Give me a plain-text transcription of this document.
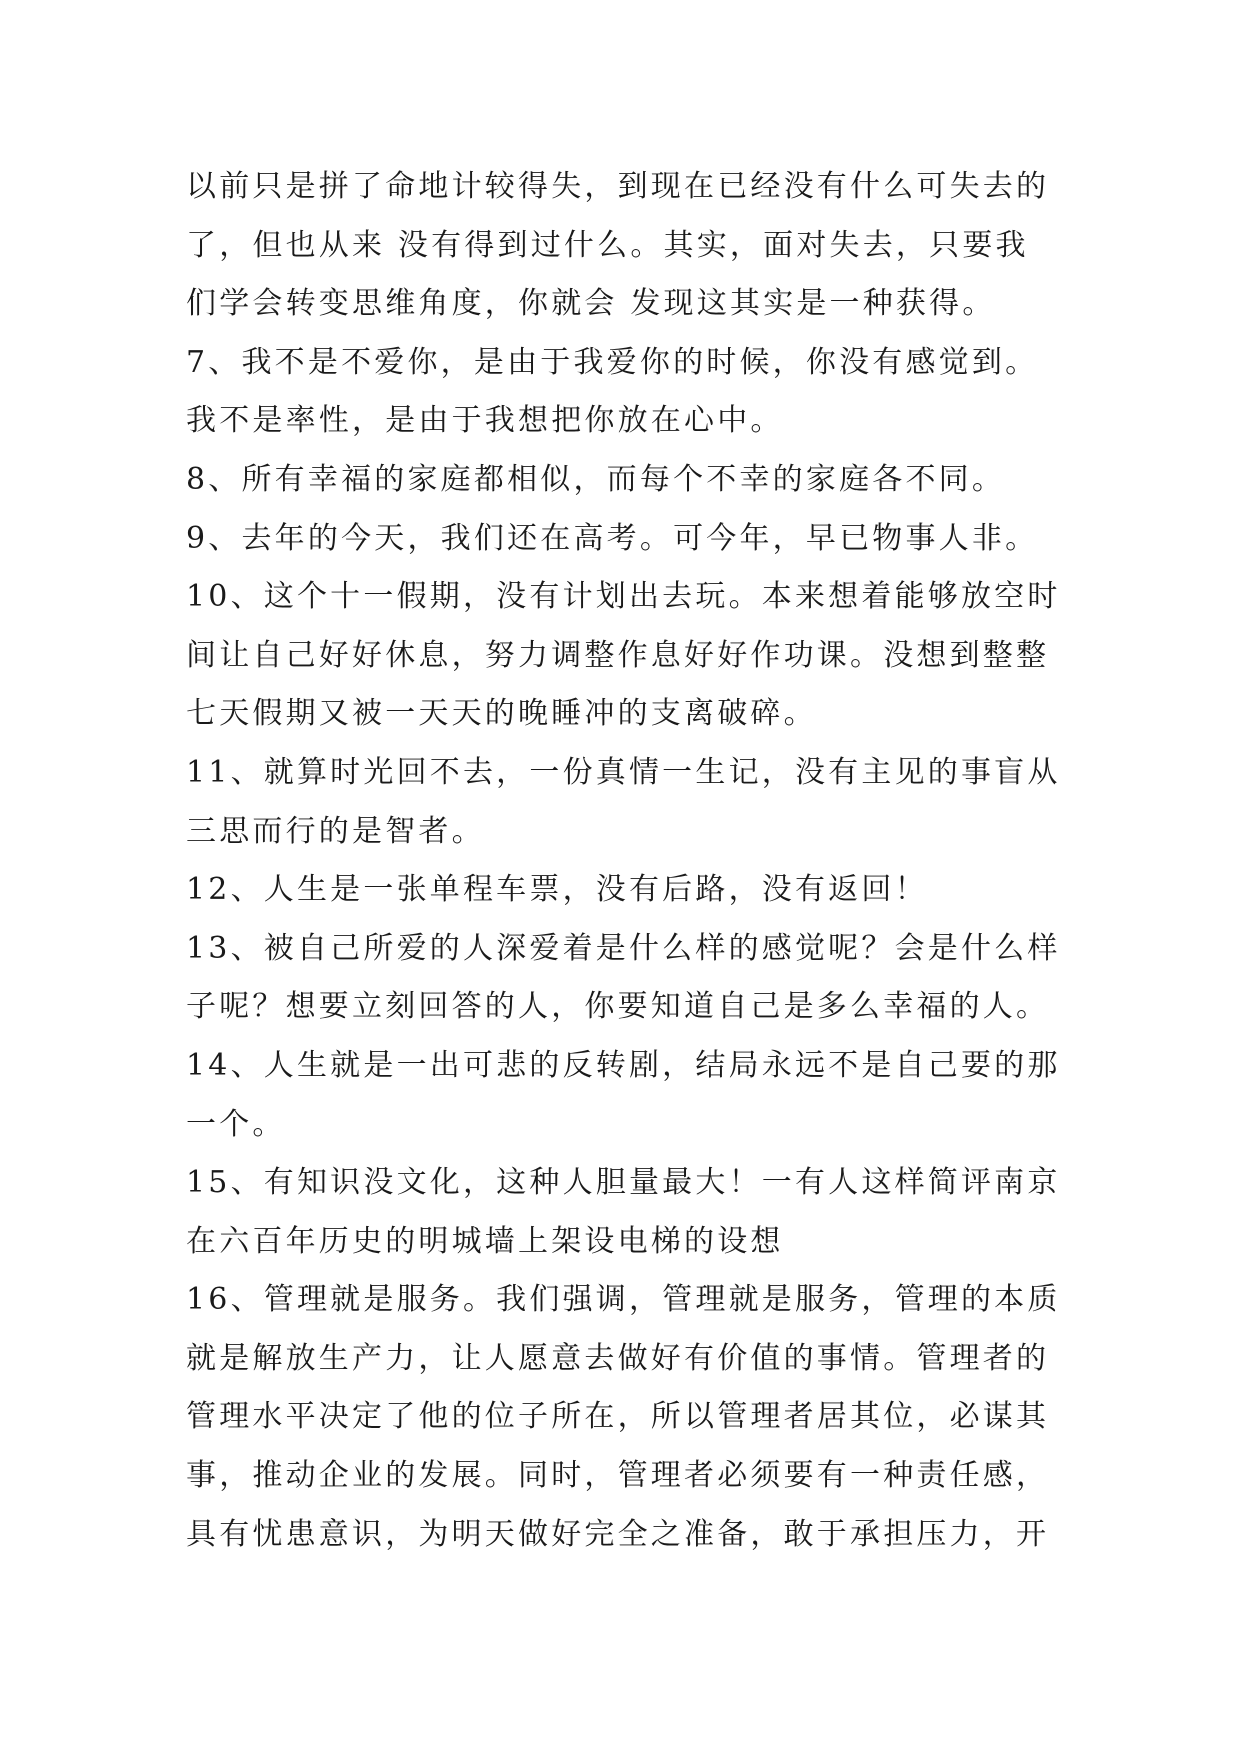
以前只是拼了命地计较得失，到现在已经没有什么可失去的
了，但也从来 没有得到过什么。其实，面对失去，只要我
们学会转变思维角度，你就会 发现这其实是一种获得。
7、我不是不爱你，是由于我爱你的时候，你没有感觉到。
我不是率性，是由于我想把你放在心中。
8、所有幸福的家庭都相似，而每个不幸的家庭各不同。
9、去年的今天，我们还在高考。可今年，早已物事人非。
10、这个十一假期，没有计划出去玩。本来想着能够放空时
间让自己好好休息，努力调整作息好好作功课。没想到整整
七天假期又被一天天的晚睡冲的支离破碎。
11、就算时光回不去，一份真情一生记，没有主见的事盲从
三思而行的是智者。
12、人生是一张单程车票，没有后路，没有返回！
13、被自己所爱的人深爱着是什么样的感觉呢？会是什么样
子呢？想要立刻回答的人，你要知道自己是多么幸福的人。
14、人生就是一出可悲的反转剧，结局永远不是自己要的那
一个。
15、有知识没文化，这种人胆量最大！一有人这样简评南京
在六百年历史的明城墙上架设电梯的设想
16、管理就是服务。我们强调，管理就是服务，管理的本质
就是解放生产力，让人愿意去做好有价值的事情。管理者的
管理水平决定了他的位子所在，所以管理者居其位，必谋其
事，推动企业的发展。同时，管理者必须要有一种责任感，
具有忧患意识，为明天做好完全之准备，敢于承担压力，开
